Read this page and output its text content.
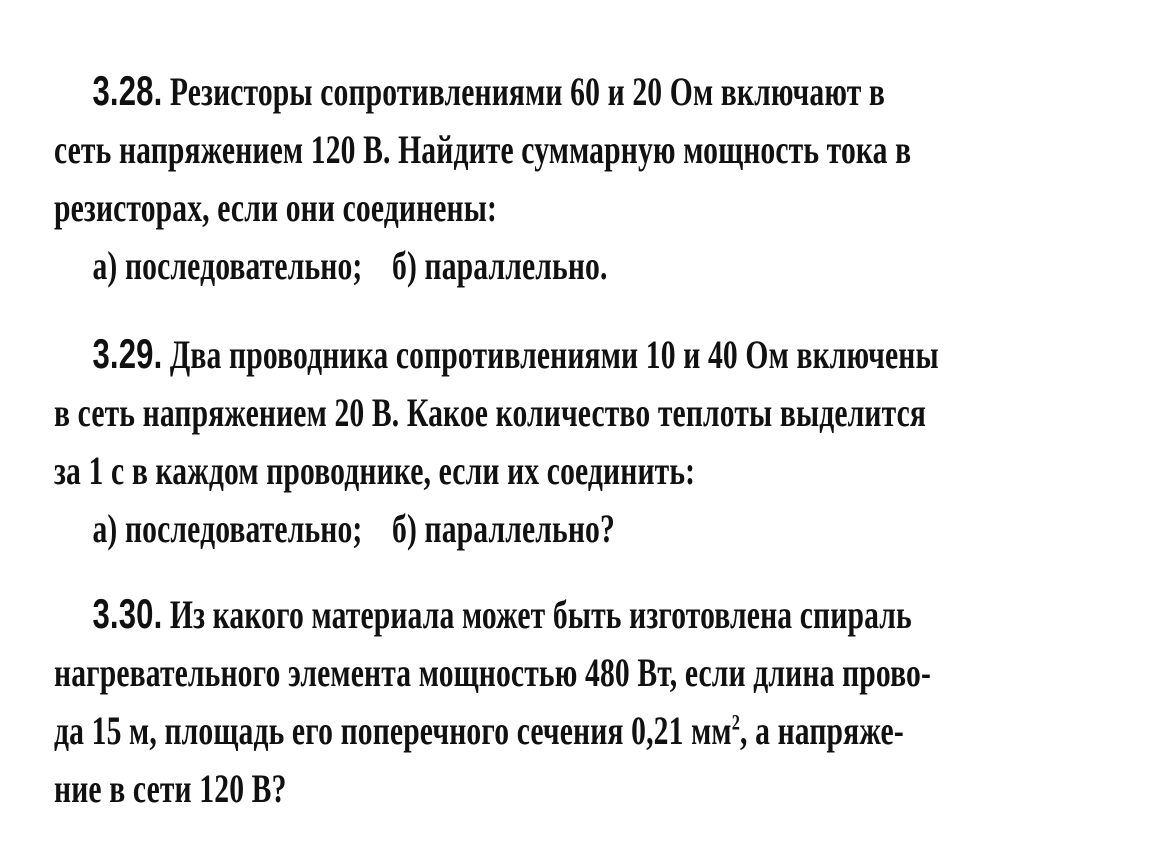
3.28. Резисторы сопротивлениями 60 и 20 Ом включают в
сеть напряжением 120 В. Найдите суммарную мощность тока в
резисторах, если они соединены:
а) последовательно; б) параллельно.
3.29. Два проводника сопротивлениями 10 и 40 Ом включены
в сеть напряжением 20 В. Какое количество теплоты выделится
за 1 с в каждом проводнике, если их соединить:
а) последовательно; б) параллельно?
3.30. Из какого материала может быть изготовлена спираль
нагревательного элемента мощностью 480 Вт, если длина прово-
да 15 м, площадь его поперечного сечения 0,21 $мм^2$, а напряже-
ние в сети 120 В?
